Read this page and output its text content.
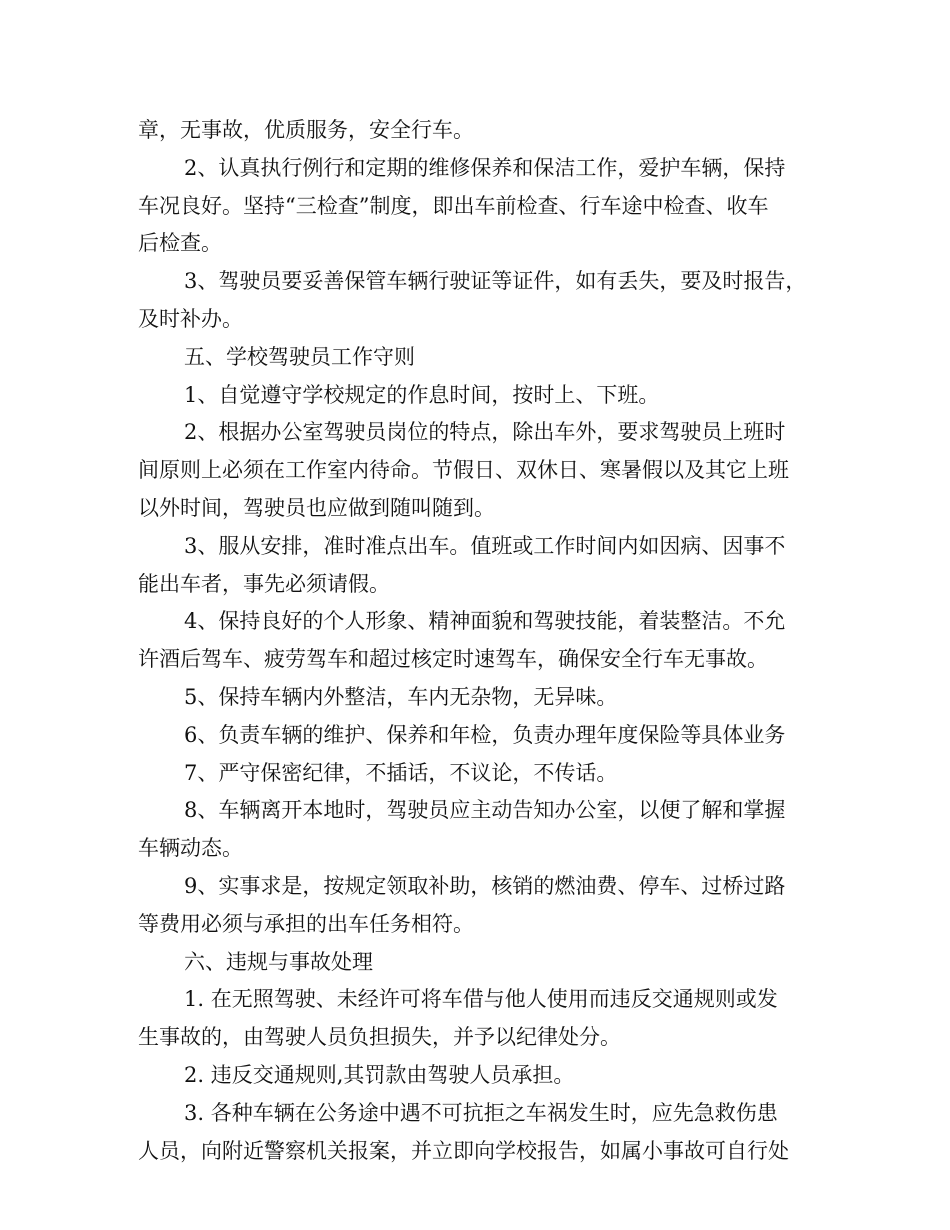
章，无事故，优质服务，安全行车。
2、认真执行例行和定期的维修保养和保洁工作，爱护车辆，保持
车况良好。坚持“三检查”制度，即出车前检查、行车途中检查、收车
后检查。
3、驾驶员要妥善保管车辆行驶证等证件，如有丢失，要及时报告，
及时补办。
五、学校驾驶员工作守则
1、自觉遵守学校规定的作息时间，按时上、下班。
2、根据办公室驾驶员岗位的特点，除出车外，要求驾驶员上班时
间原则上必须在工作室内待命。节假日、双休日、寒暑假以及其它上班
以外时间，驾驶员也应做到随叫随到。
3、服从安排，准时准点出车。值班或工作时间内如因病、因事不
能出车者，事先必须请假。
4、保持良好的个人形象、精神面貌和驾驶技能，着装整洁。不允
许酒后驾车、疲劳驾车和超过核定时速驾车，确保安全行车无事故。
5、保持车辆内外整洁，车内无杂物，无异味。
6、负责车辆的维护、保养和年检，负责办理年度保险等具体业务
7、严守保密纪律，不插话，不议论，不传话。
8、车辆离开本地时，驾驶员应主动告知办公室，以便了解和掌握
车辆动态。
9、实事求是，按规定领取补助，核销的燃油费、停车、过桥过路
等费用必须与承担的出车任务相符。
六、违规与事故处理
1. 在无照驾驶、未经许可将车借与他人使用而违反交通规则或发
生事故的，由驾驶人员负担损失，并予以纪律处分。
2. 违反交通规则,其罚款由驾驶人员承担。
3. 各种车辆在公务途中遇不可抗拒之车祸发生时，应先急救伤患
人员，向附近警察机关报案，并立即向学校报告，如属小事故可自行处
